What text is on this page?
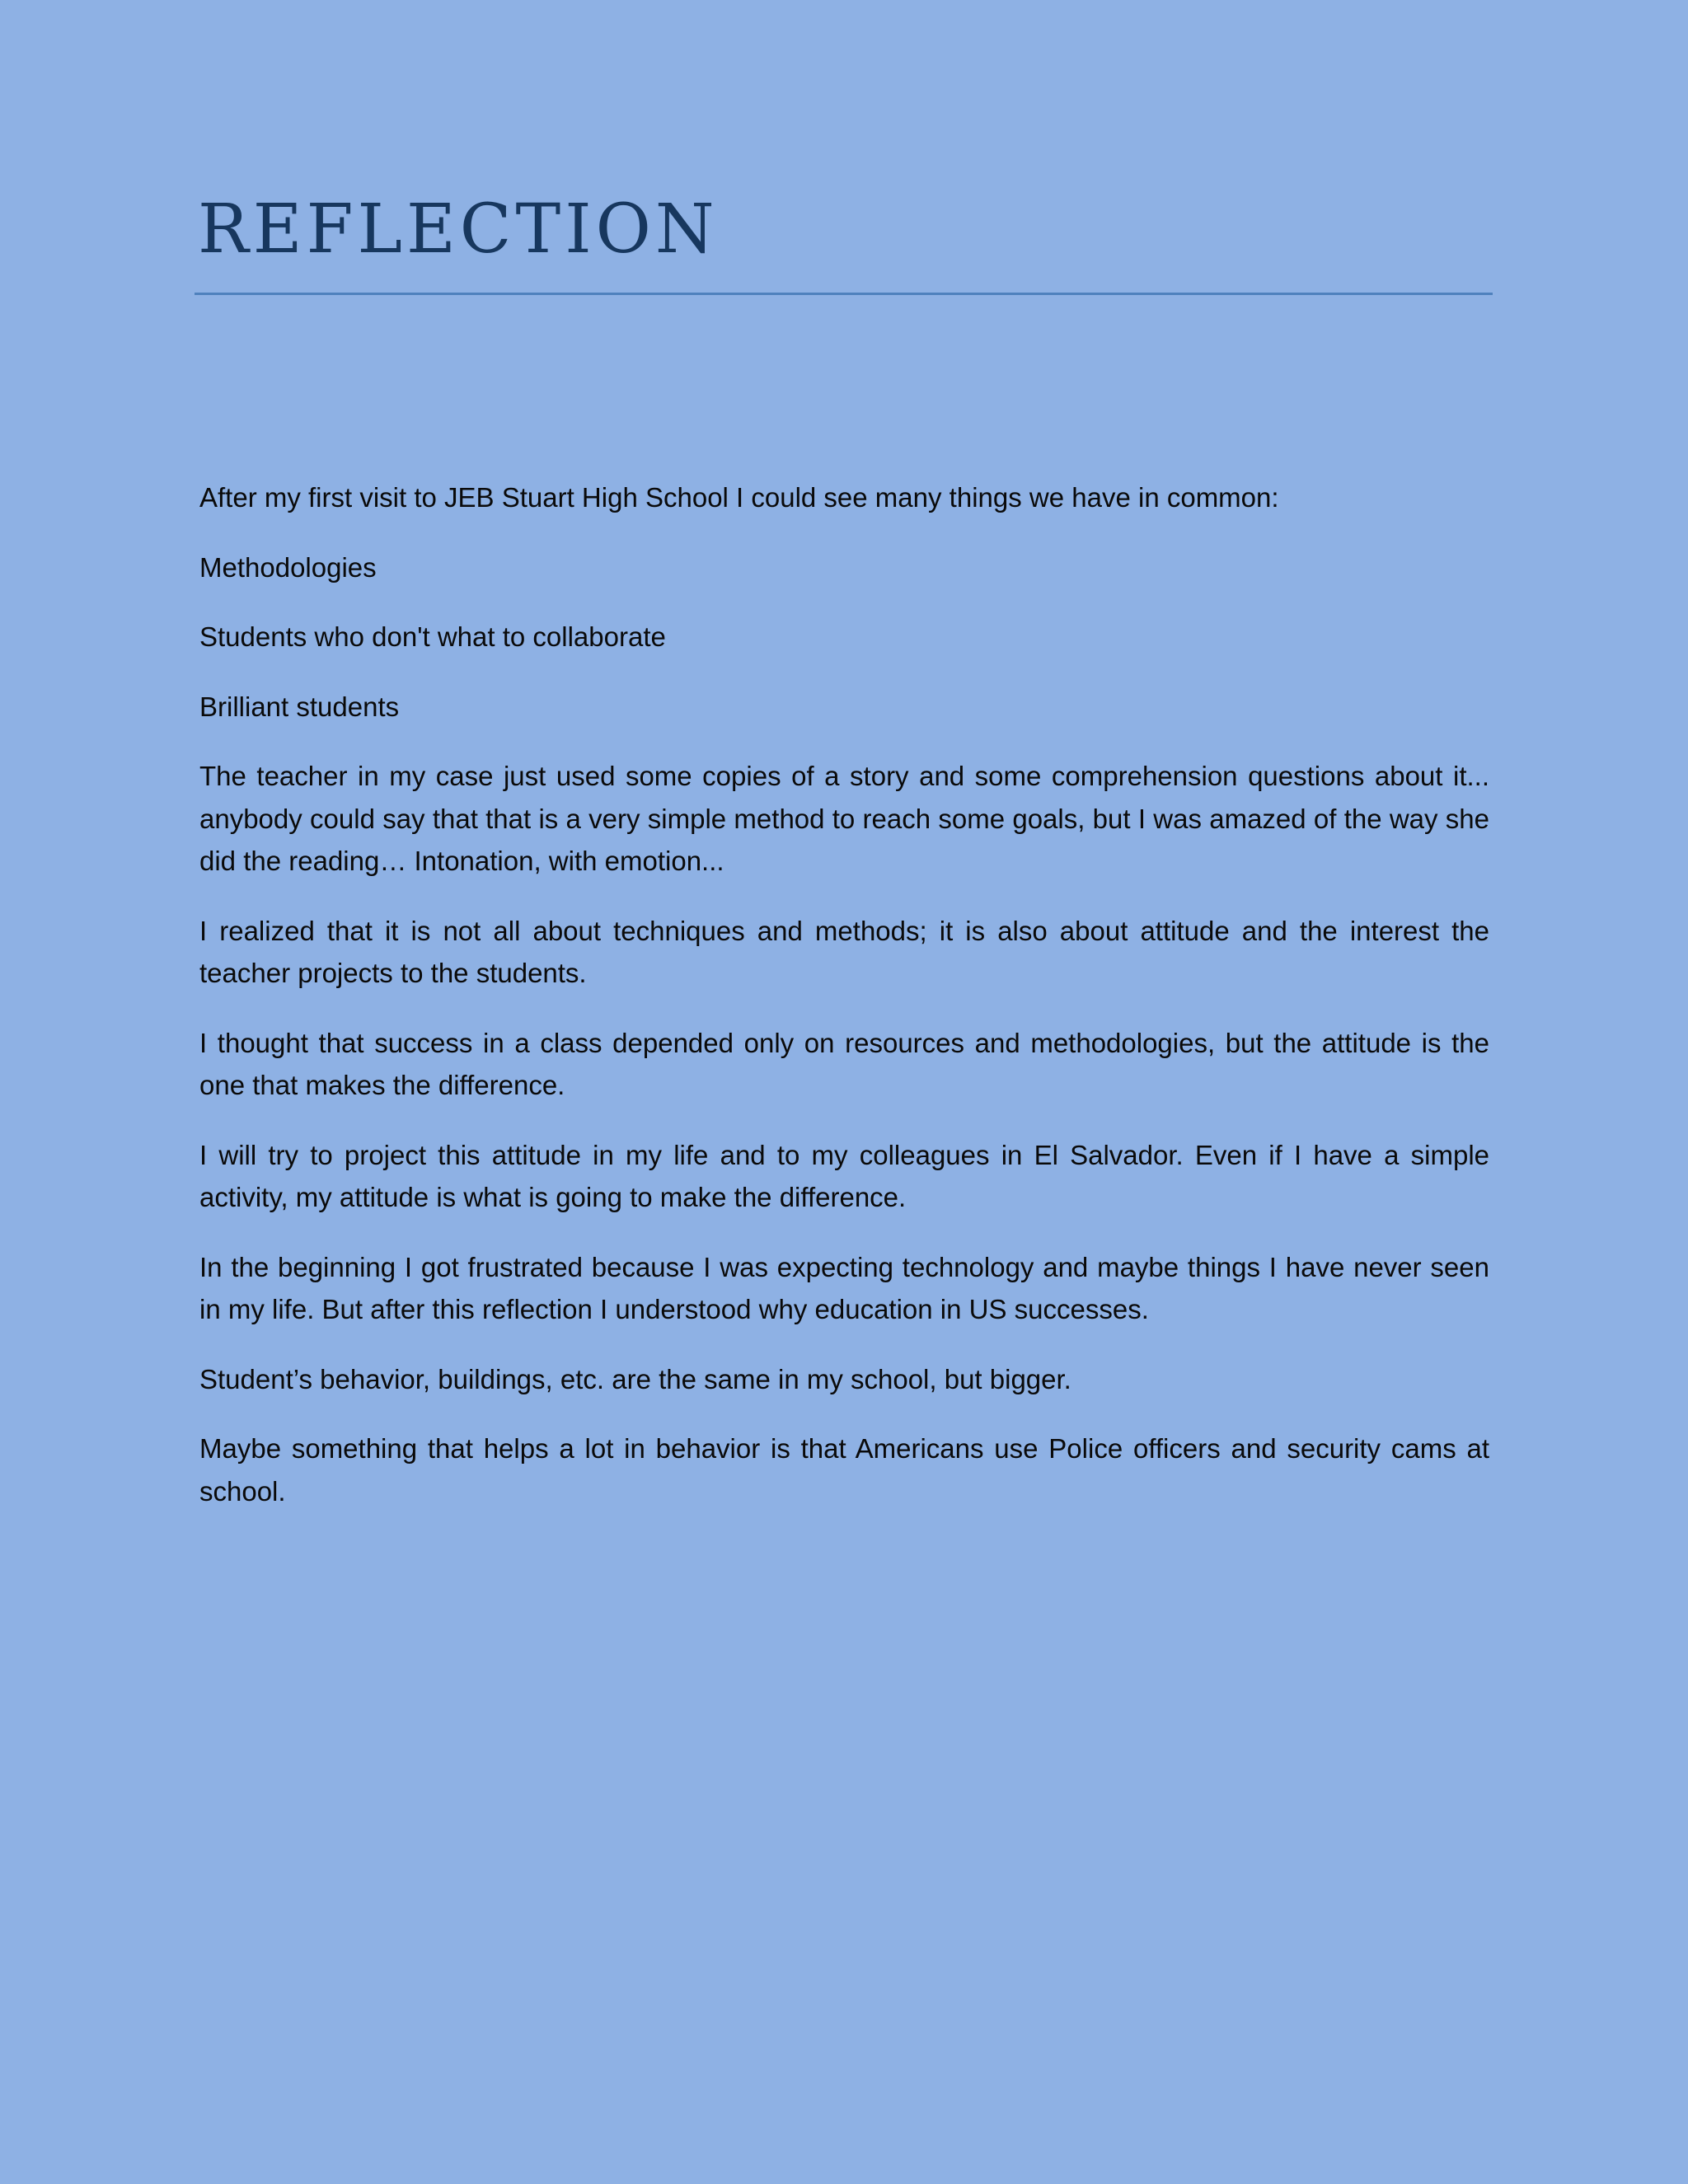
REFLECTION

After my first visit to JEB Stuart High School I could see many things we have in common:

Methodologies

Students who don't what to collaborate

Brilliant students

The teacher in my case just used some copies of a story and some comprehension questions about it... anybody could say that that is a very simple method to reach some goals, but I was amazed of the way she did the reading… Intonation, with emotion...

I realized that it is not all about techniques and methods; it is also about attitude and the interest the teacher projects to the students.

I thought that success in a class depended only on resources and methodologies, but the attitude is the one that makes the difference.

I will try to project this attitude in my life and to my colleagues in El Salvador. Even if I have a simple activity, my attitude is what is going to make the difference.

In the beginning I got frustrated because I was expecting technology and maybe things I have never seen in my life. But after this reflection I understood why education in US successes.

Student’s behavior, buildings, etc. are the same in my school, but bigger.

Maybe something that helps a lot in behavior is that Americans use Police officers and security cams at school.
